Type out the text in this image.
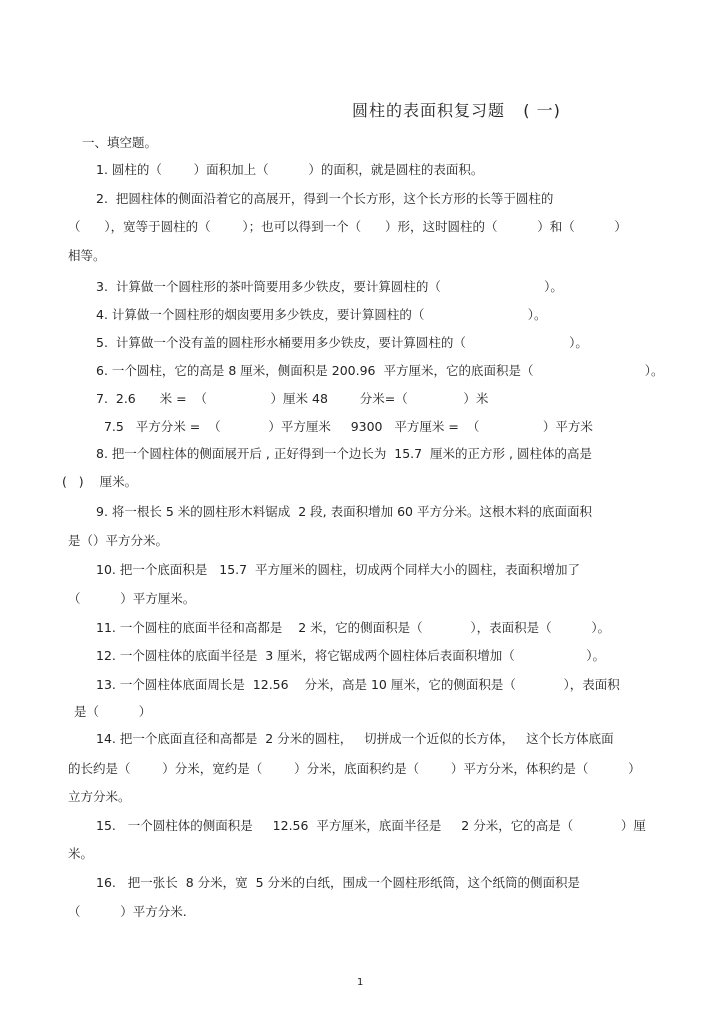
圆柱的表面积复习题   ( 一)
一、填空题。
1. 圆柱的（        ）面积加上（          ）的面积，就是圆柱的表面积。
2.  把圆柱体的侧面沿着它的高展开，得到一个长方形，这个长方形的长等于圆柱的
（      ），宽等于圆柱的（        ）；也可以得到一个（      ）形，这时圆柱的（          ）和（          ）
相等。
3.  计算做一个圆柱形的茶叶筒要用多少铁皮，要计算圆柱的（                          ）。
4. 计算做一个圆柱形的烟囱要用多少铁皮，要计算圆柱的（                          ）。
5.  计算做一个没有盖的圆柱形水桶要用多少铁皮，要计算圆柱的（                          ）。
6. 一个圆柱，它的高是 8 厘米，侧面积是 200.96  平方厘米，它的底面积是（                            ）。
7.  2.6      米 =  （                ）厘米 48        分米=（              ）米
7.5   平方分米 =  （            ）平方厘米     9300   平方厘米 =  （                ）平方米
8. 把一个圆柱体的侧面展开后 , 正好得到一个边长为  15.7  厘米的正方形 , 圆柱体的高是
(   )    厘米。
9. 将一根长 5 米的圆柱形木料锯成  2 段, 表面积增加 60 平方分米。这根木料的底面面积
是（）平方分米。
10. 把一个底面积是   15.7  平方厘米的圆柱，切成两个同样大小的圆柱，表面积增加了
（          ）平方厘米。
11. 一个圆柱的底面半径和高都是    2 米，它的侧面积是（            ），表面积是（          ）。
12. 一个圆柱体的底面半径是  3 厘米，将它锯成两个圆柱体后表面积增加（                  ）。
13. 一个圆柱体底面周长是  12.56    分米，高是 10 厘米，它的侧面积是（            ），表面积
是（          ）
14. 把一个底面直径和高都是  2 分米的圆柱，   切拼成一个近似的长方体，   这个长方体底面
的长约是（        ）分米，宽约是（        ）分米，底面积约是（        ）平方分米，体积约是（          ）
立方分米。
15.   一个圆柱体的侧面积是     12.56  平方厘米，底面半径是     2 分米，它的高是（            ）厘
米。
16.   把一张长  8 分米，宽  5 分米的白纸，围成一个圆柱形纸筒，这个纸筒的侧面积是
（          ）平方分米.
1
